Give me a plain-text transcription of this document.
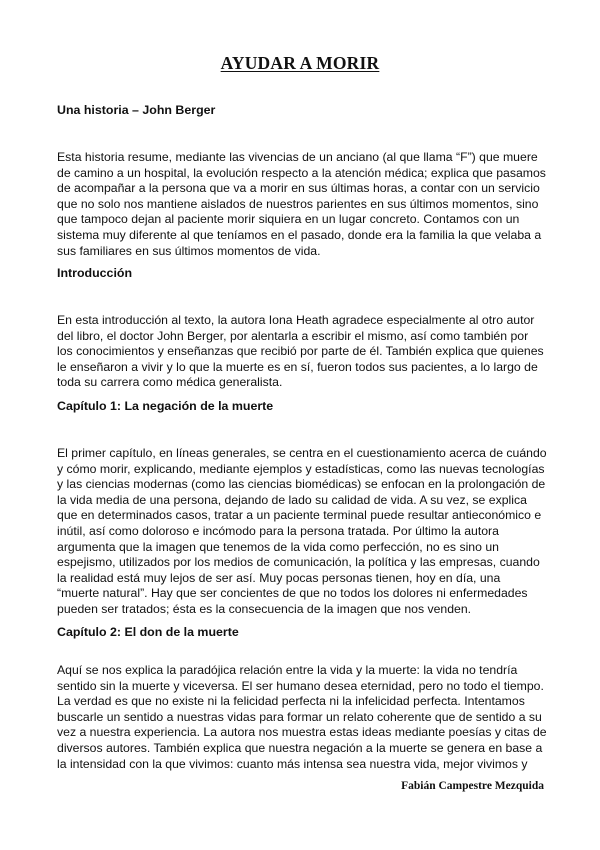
AYUDAR A MORIR
Una historia – John Berger

Esta historia resume, mediante las vivencias de un anciano (al que llama “F”) que muere
de camino a un hospital, la evolución respecto a la atención médica; explica que pasamos
de acompañar a la persona que va a morir en sus últimas horas, a contar con un servicio
que no solo nos mantiene aislados de nuestros parientes en sus últimos momentos, sino
que tampoco dejan al paciente morir siquiera en un lugar concreto. Contamos con un
sistema muy diferente al que teníamos en el pasado, donde era la familia la que velaba a
sus familiares en sus últimos momentos de vida.

Introducción

En esta introducción al texto, la autora Iona Heath agradece especialmente al otro autor
del libro, el doctor John Berger, por alentarla a escribir el mismo, así como también por
los conocimientos y enseñanzas que recibió por parte de él. También explica que quienes
le enseñaron a vivir y lo que la muerte es en sí, fueron todos sus pacientes, a lo largo de
toda su carrera como médica generalista.

Capítulo 1: La negación de la muerte

El primer capítulo, en líneas generales, se centra en el cuestionamiento acerca de cuándo
y cómo morir, explicando, mediante ejemplos y estadísticas, como las nuevas tecnologías
y las ciencias modernas (como las ciencias biomédicas) se enfocan en la prolongación de
la vida media de una persona, dejando de lado su calidad de vida. A su vez, se explica
que en determinados casos, tratar a un paciente terminal puede resultar antieconómico e
inútil, así como doloroso e incómodo para la persona tratada. Por último la autora
argumenta que la imagen que tenemos de la vida como perfección, no es sino un
espejismo, utilizados por los medios de comunicación, la política y las empresas, cuando
la realidad está muy lejos de ser así. Muy pocas personas tienen, hoy en día, una
“muerte natural”. Hay que ser concientes de que no todos los dolores ni enfermedades
pueden ser tratados; ésta es la consecuencia de la imagen que nos venden.

Capítulo 2: El don de la muerte

Aquí se nos explica la paradójica relación entre la vida y la muerte: la vida no tendría
sentido sin la muerte y viceversa. El ser humano desea eternidad, pero no todo el tiempo.
La verdad es que no existe ni la felicidad perfecta ni la infelicidad perfecta. Intentamos
buscarle un sentido a nuestras vidas para formar un relato coherente que de sentido a su
vez a nuestra experiencia. La autora nos muestra estas ideas mediante poesías y citas de
diversos autores. También explica que nuestra negación a la muerte se genera en base a
la intensidad con la que vivimos: cuanto más intensa sea nuestra vida, mejor vivimos y

Fabián Campestre Mezquida
